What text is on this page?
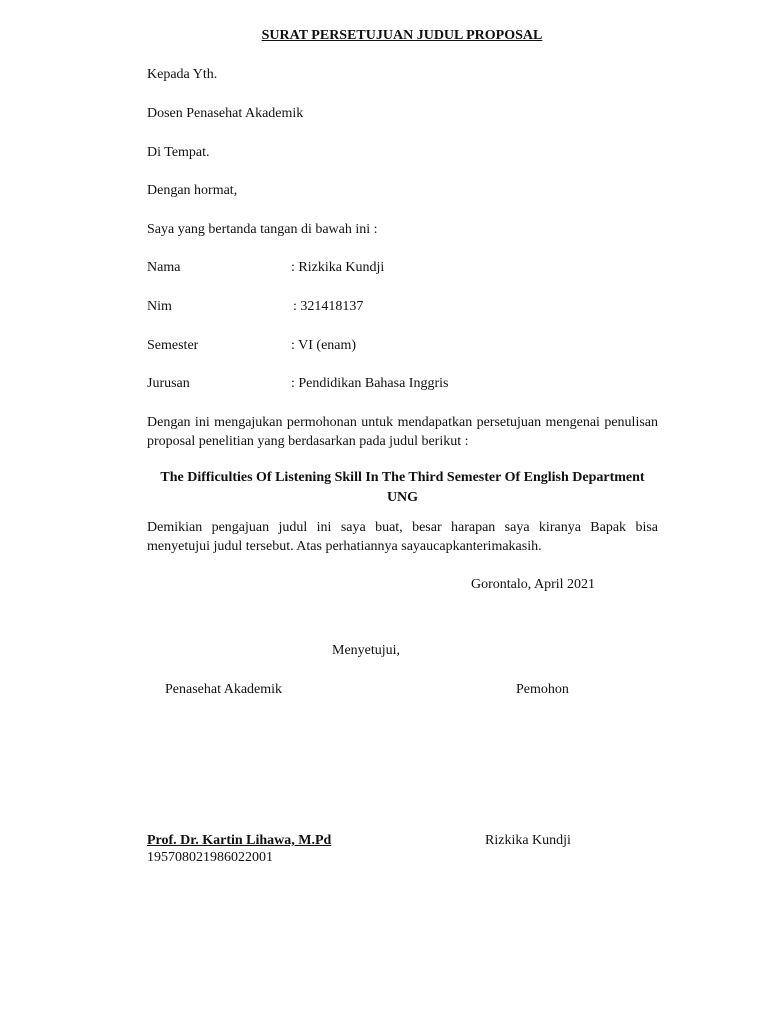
SURAT PERSETUJUAN JUDUL PROPOSAL
Kepada Yth.
Dosen Penasehat Akademik
Di Tempat.
Dengan hormat,
Saya yang bertanda tangan di bawah ini :
Nama	: Rizkika Kundji
Nim	: 321418137
Semester	: VI (enam)
Jurusan	: Pendidikan Bahasa Inggris
Dengan ini mengajukan permohonan untuk mendapatkan persetujuan mengenai penulisan proposal penelitian yang berdasarkan pada judul berikut :
The Difficulties Of Listening Skill In The Third Semester Of English Department UNG
Demikian pengajuan judul ini saya buat, besar harapan saya kiranya Bapak bisa menyetujui judul tersebut. Atas perhatiannya sayaucapkanterimakasih.
Gorontalo, April 2021
Menyetujui,
Penasehat Akademik	Pemohon
Prof. Dr. Kartin Lihawa, M.Pd
195708021986022001
Rizkika Kundji
